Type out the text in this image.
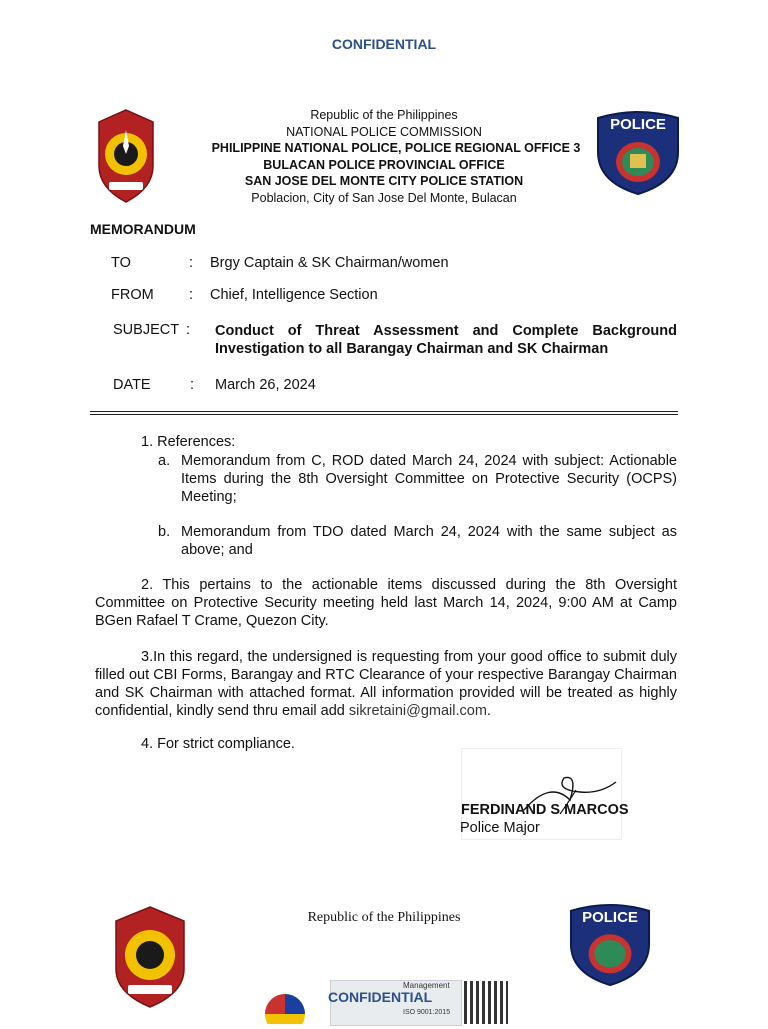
CONFIDENTIAL
POLICE
Republic of the Philippines
NATIONAL POLICE COMMISSION
PHILIPPINE NATIONAL POLICE, POLICE REGIONAL OFFICE 3
BULACAN POLICE PROVINCIAL OFFICE
SAN JOSE DEL MONTE CITY POLICE STATION
Poblacion, City of San Jose Del Monte, Bulacan
MEMORANDUM
TO	: Brgy Captain & SK Chairman/women
FROM : Chief, Intelligence Section
SUBJECT : Conduct of Threat Assessment and Complete Background Investigation to all Barangay Chairman and SK Chairman
DATE	: March 26, 2024
1. References:
a. Memorandum from C, ROD dated March 24, 2024 with subject: Actionable Items during the 8th Oversight Committee on Protective Security (OCPS) Meeting;
b. Memorandum from TDO dated March 24, 2024 with the same subject as above; and
2. This pertains to the actionable items discussed during the 8th Oversight Committee on Protective Security meeting held last March 14, 2024, 9:00 AM at Camp BGen Rafael T Crame, Quezon City.
3.In this regard, the undersigned is requesting from your good office to submit duly filled out CBI Forms, Barangay and RTC Clearance of your respective Barangay Chairman and SK Chairman with attached format. All information provided will be treated as highly confidential, kindly send thru email add sikretaini@gmail.com.
4. For strict compliance.
FERDINAND S MARCOS
Police Major
Republic of the Philippines	POLICE
Management
ISO 9001:2015
CONFIDENTIAL
